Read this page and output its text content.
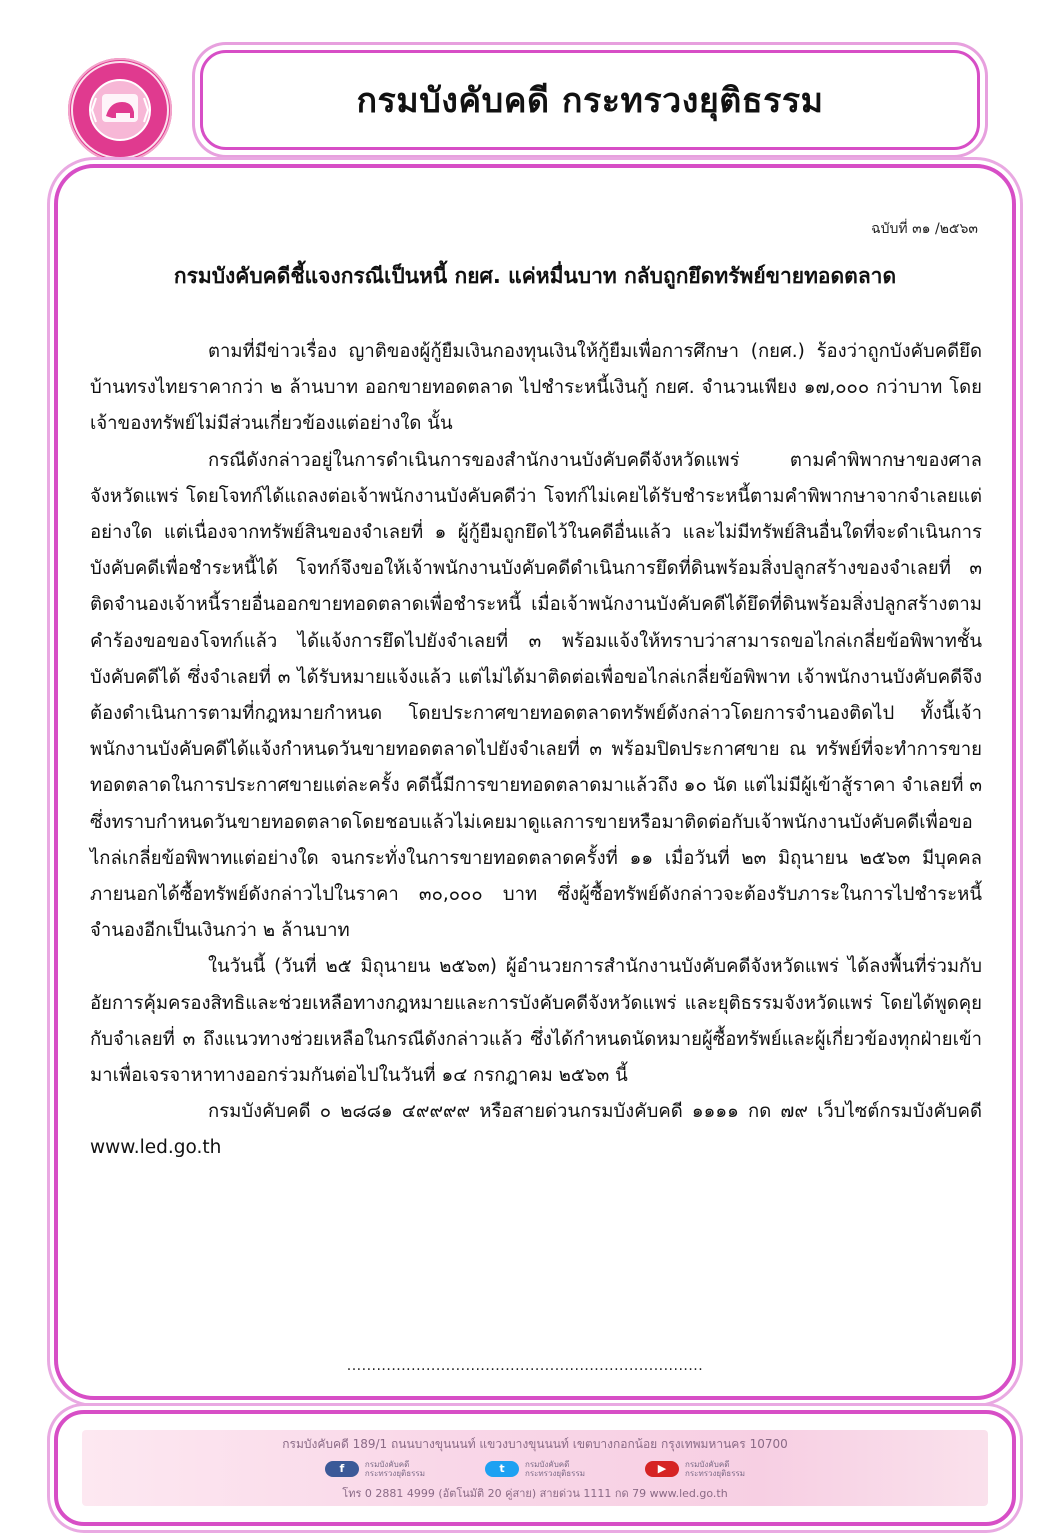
กรมบังคับคดี กระทรวงยุติธรรม
ฉบับที่ ๓๑ /๒๕๖๓
กรมบังคับคดีชี้แจงกรณีเป็นหนี้ กยศ. แค่หมื่นบาท กลับถูกยึดทรัพย์ขายทอดตลาด

ตามที่มีข่าวเรื่อง ญาติของผู้กู้ยืมเงินกองทุนเงินให้กู้ยืมเพื่อการศึกษา (กยศ.) ร้องว่าถูกบังคับคดียึดบ้านทรงไทยราคากว่า ๒ ล้านบาท ออกขายทอดตลาด ไปชำระหนี้เงินกู้ กยศ. จำนวนเพียง ๑๗,๐๐๐ กว่าบาท โดยเจ้าของทรัพย์ไม่มีส่วนเกี่ยวข้องแต่อย่างใด นั้น

กรณีดังกล่าวอยู่ในการดำเนินการของสำนักงานบังคับคดีจังหวัดแพร่ ตามคำพิพากษาของศาลจังหวัดแพร่ โดยโจทก์ได้แถลงต่อเจ้าพนักงานบังคับคดีว่า โจทก์ไม่เคยได้รับชำระหนี้ตามคำพิพากษาจากจำเลยแต่อย่างใด แต่เนื่องจากทรัพย์สินของจำเลยที่ ๑ ผู้กู้ยืมถูกยึดไว้ในคดีอื่นแล้ว และไม่มีทรัพย์สินอื่นใดที่จะดำเนินการบังคับคดีเพื่อชำระหนี้ได้ โจทก์จึงขอให้เจ้าพนักงานบังคับคดีดำเนินการยึดที่ดินพร้อมสิ่งปลูกสร้างของจำเลยที่ ๓ ติดจำนองเจ้าหนี้รายอื่นออกขายทอดตลาดเพื่อชำระหนี้ เมื่อเจ้าพนักงานบังคับคดีได้ยึดที่ดินพร้อมสิ่งปลูกสร้างตามคำร้องขอของโจทก์แล้ว ได้แจ้งการยึดไปยังจำเลยที่ ๓ พร้อมแจ้งให้ทราบว่าสามารถขอไกล่เกลี่ยข้อพิพาทชั้นบังคับคดีได้ ซึ่งจำเลยที่ ๓ ได้รับหมายแจ้งแล้ว แต่ไม่ได้มาติดต่อเพื่อขอไกล่เกลี่ยข้อพิพาท เจ้าพนักงานบังคับคดีจึงต้องดำเนินการตามที่กฎหมายกำหนด โดยประกาศขายทอดตลาดทรัพย์ดังกล่าวโดยการจำนองติดไป ทั้งนี้เจ้าพนักงานบังคับคดีได้แจ้งกำหนดวันขายทอดตลาดไปยังจำเลยที่ ๓ พร้อมปิดประกาศขาย ณ ทรัพย์ที่จะทำการขายทอดตลาดในการประกาศขายแต่ละครั้ง คดีนี้มีการขายทอดตลาดมาแล้วถึง ๑๐ นัด แต่ไม่มีผู้เข้าสู้ราคา จำเลยที่ ๓ ซึ่งทราบกำหนดวันขายทอดตลาดโดยชอบแล้วไม่เคยมาดูแลการขายหรือมาติดต่อกับเจ้าพนักงานบังคับคดีเพื่อขอไกล่เกลี่ยข้อพิพาทแต่อย่างใด จนกระทั่งในการขายทอดตลาดครั้งที่ ๑๑ เมื่อวันที่ ๒๓ มิถุนายน ๒๕๖๓ มีบุคคลภายนอกได้ซื้อทรัพย์ดังกล่าวไปในราคา ๓๐,๐๐๐ บาท ซึ่งผู้ซื้อทรัพย์ดังกล่าวจะต้องรับภาระในการไปชำระหนี้จำนองอีกเป็นเงินกว่า ๒ ล้านบาท

ในวันนี้ (วันที่ ๒๕ มิถุนายน ๒๕๖๓) ผู้อำนวยการสำนักงานบังคับคดีจังหวัดแพร่ ได้ลงพื้นที่ร่วมกับอัยการคุ้มครองสิทธิและช่วยเหลือทางกฎหมายและการบังคับคดีจังหวัดแพร่ และยุติธรรมจังหวัดแพร่ โดยได้พูดคุยกับจำเลยที่ ๓ ถึงแนวทางช่วยเหลือในกรณีดังกล่าวแล้ว ซึ่งได้กำหนดนัดหมายผู้ซื้อทรัพย์และผู้เกี่ยวข้องทุกฝ่ายเข้ามาเพื่อเจรจาหาทางออกร่วมกันต่อไปในวันที่ ๑๔ กรกฎาคม ๒๕๖๓ นี้

กรมบังคับคดี ๐ ๒๘๘๑ ๔๙๙๙๙ หรือสายด่วนกรมบังคับคดี ๑๑๑๑ กด ๗๙ เว็บไซต์กรมบังคับคดี www.led.go.th

........................................................................
กรมบังคับคดี 189/1 ถนนบางขุนนนท์ แขวงบางขุนนนท์ เขตบางกอกน้อย กรุงเทพมหานคร 10700
f	กรมบังคับคดี
กระทรวงยุติธรรม	t	กรมบังคับคดี
กระทรวงยุติธรรม	▶	กรมบังคับคดี
กระทรวงยุติธรรม
โทร 0 2881 4999 (อัตโนมัติ 20 คู่สาย) สายด่วน 1111 กด 79 www.led.go.th
